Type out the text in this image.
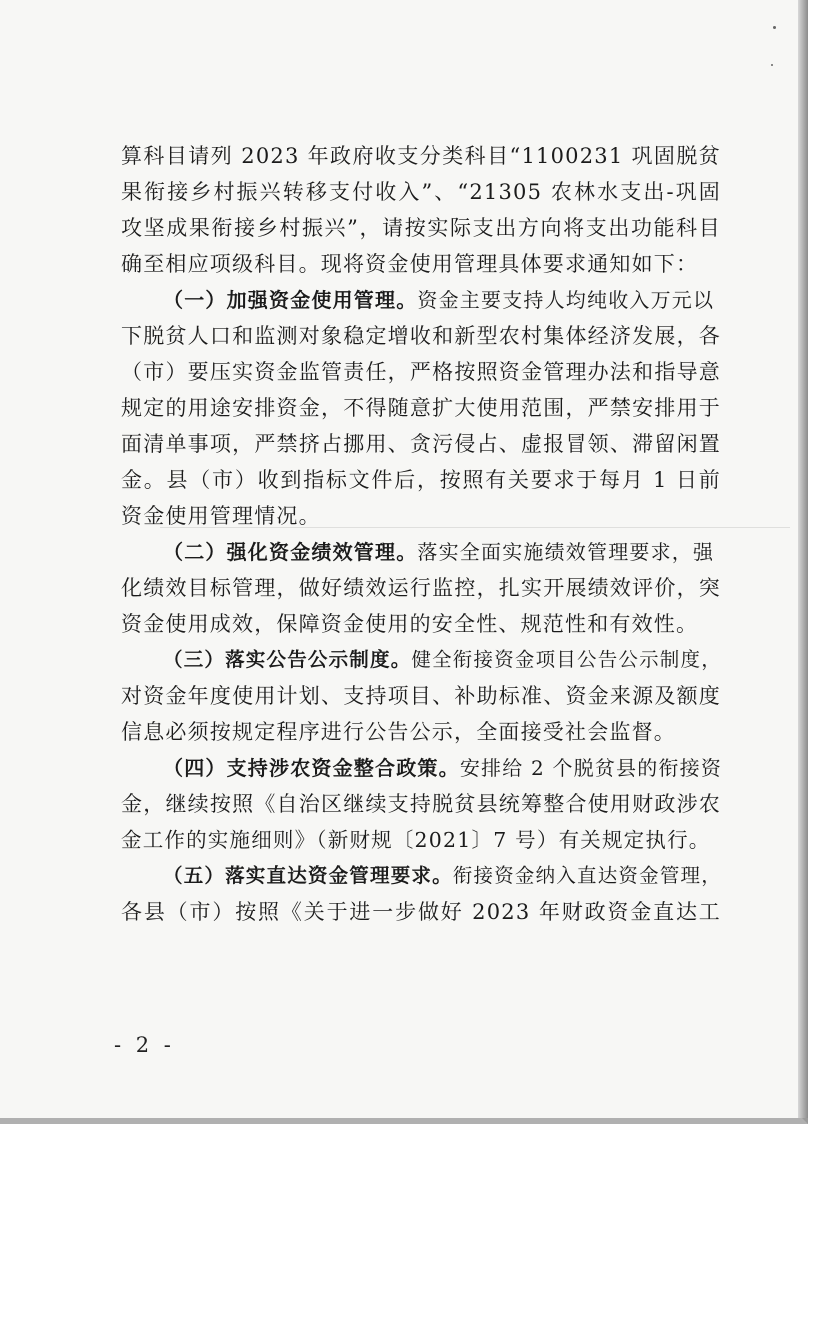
算科目请列 2023 年政府收支分类科目“1100231 巩固脱贫
果衔接乡村振兴转移支付收入”、“21305 农林水支出-巩固
攻坚成果衔接乡村振兴”，请按实际支出方向将支出功能科目
确至相应项级科目。现将资金使用管理具体要求通知如下：
（一）加强资金使用管理。资金主要支持人均纯收入万元以
下脱贫人口和监测对象稳定增收和新型农村集体经济发展，各
（市）要压实资金监管责任，严格按照资金管理办法和指导意
规定的用途安排资金，不得随意扩大使用范围，严禁安排用于
面清单事项，严禁挤占挪用、贪污侵占、虚报冒领、滞留闲置
金。县（市）收到指标文件后，按照有关要求于每月 1 日前
资金使用管理情况。
（二）强化资金绩效管理。落实全面实施绩效管理要求，强
化绩效目标管理，做好绩效运行监控，扎实开展绩效评价，突
资金使用成效，保障资金使用的安全性、规范性和有效性。
（三）落实公告公示制度。健全衔接资金项目公告公示制度，
对资金年度使用计划、支持项目、补助标准、资金来源及额度
信息必须按规定程序进行公告公示，全面接受社会监督。
（四）支持涉农资金整合政策。安排给 2 个脱贫县的衔接资
金，继续按照《自治区继续支持脱贫县统筹整合使用财政涉农
金工作的实施细则》（新财规〔2021〕7 号）有关规定执行。
（五）落实直达资金管理要求。衔接资金纳入直达资金管理，
各县（市）按照《关于进一步做好 2023 年财政资金直达工
- 2 -
